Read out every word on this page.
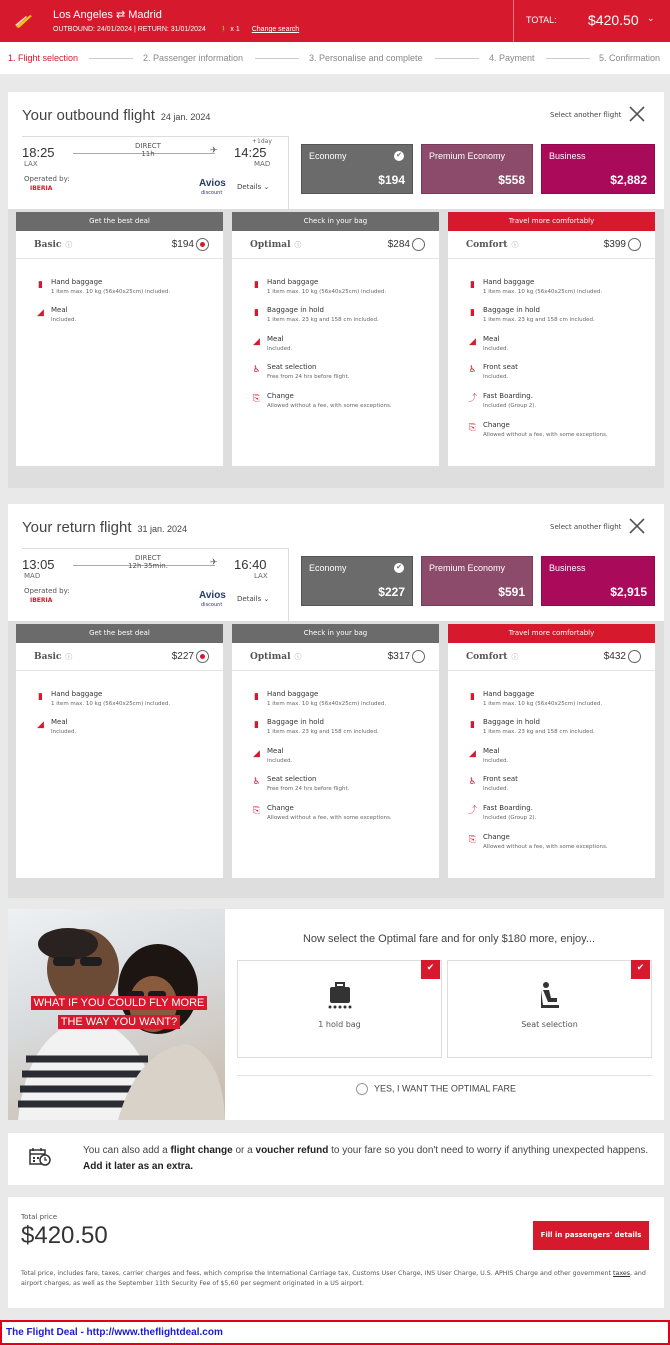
Los Angeles ⇄ Madrid
OUTBOUND: 24/01/2024 | RETURN: 31/01/2024 🚶 x 1 Change search
TOTAL: $420.50 ⌄
1. Flight selection	2. Passenger information	3. Personalise and complete	4. Payment	5. Confirmation
Your outbound flight 24 jan. 2024	Select another flight
18:25
LAX
DIRECT
11h	✈
+1day
14:25
MAD
Operated by:
IBERIA	Avios
discount
Details ⌄
Economy	✔
$194
Premium Economy
$558
Business
$2,882
Get the best deal
Basic ⓘ	$194
▮	Hand baggage
1 item max. 10 kg (56x40x25cm) included.
◢ Meal
Included.
Check in your bag
Optimal ⓘ	$284
▮	Hand baggage
1 item max. 10 kg (56x40x25cm) included.
▮	Baggage in hold
1 item max. 23 kg and 158 cm included.
◢ Meal
Included.
♿ Seat selection
Free from 24 hrs before flight.
⎘ Change
Allowed without a fee, with some exceptions.
Travel more comfortably
Comfort ⓘ	$399
▮	Hand baggage
1 item max. 10 kg (56x40x25cm) included.
▮	Baggage in hold
1 item max. 23 kg and 158 cm included.
◢ Meal
Included.
♿ Front seat
Included.
⤴ Fast Boarding.
Included (Group 2).
⎘ Change
Allowed without a fee, with some exceptions.
Your return flight 31 jan. 2024	Select another flight
13:05
MAD
DIRECT
12h 35min.	✈ 16:40
LAX
Operated by:
IBERIA	Avios
discount
Details ⌄
Economy	✔
$227
Premium Economy
$591
Business
$2,915
Get the best deal
Basic ⓘ	$227
▮	Hand baggage
1 item max. 10 kg (56x40x25cm) included.
◢ Meal
Included.
Check in your bag
Optimal ⓘ	$317
▮	Hand baggage
1 item max. 10 kg (56x40x25cm) included.
▮	Baggage in hold
1 item max. 23 kg and 158 cm included.
◢ Meal
Included.
♿ Seat selection
Free from 24 hrs before flight.
⎘ Change
Allowed without a fee, with some exceptions.
Travel more comfortably
Comfort ⓘ	$432
▮	Hand baggage
1 item max. 10 kg (56x40x25cm) included.
▮	Baggage in hold
1 item max. 23 kg and 158 cm included.
◢ Meal
Included.
♿ Front seat
Included.
⤴ Fast Boarding.
Included (Group 2).
⎘ Change
Allowed without a fee, with some exceptions.
WHAT IF YOU COULD FLY MORE THE WAY YOU WANT?
Now select the Optimal fare and for only $180 more, enjoy...
1 hold bag
✔
Seat selection
✔
YES, I WANT THE OPTIMAL FARE
You can also add a flight change or a voucher refund to your fare so you don't need to worry if anything unexpected happens. Add it later as an extra.
Total price
$420.50	Fill in passengers' details
Total price, includes fare, taxes, carrier charges and fees, which comprise the International Carriage tax, Customs User Charge, INS User Charge, U.S. APHIS Charge and other government taxes, and airport charges, as well as the September 11th Security Fee of $5,60 per segment originated in a US airport.
The Flight Deal - http://www.theflightdeal.com
